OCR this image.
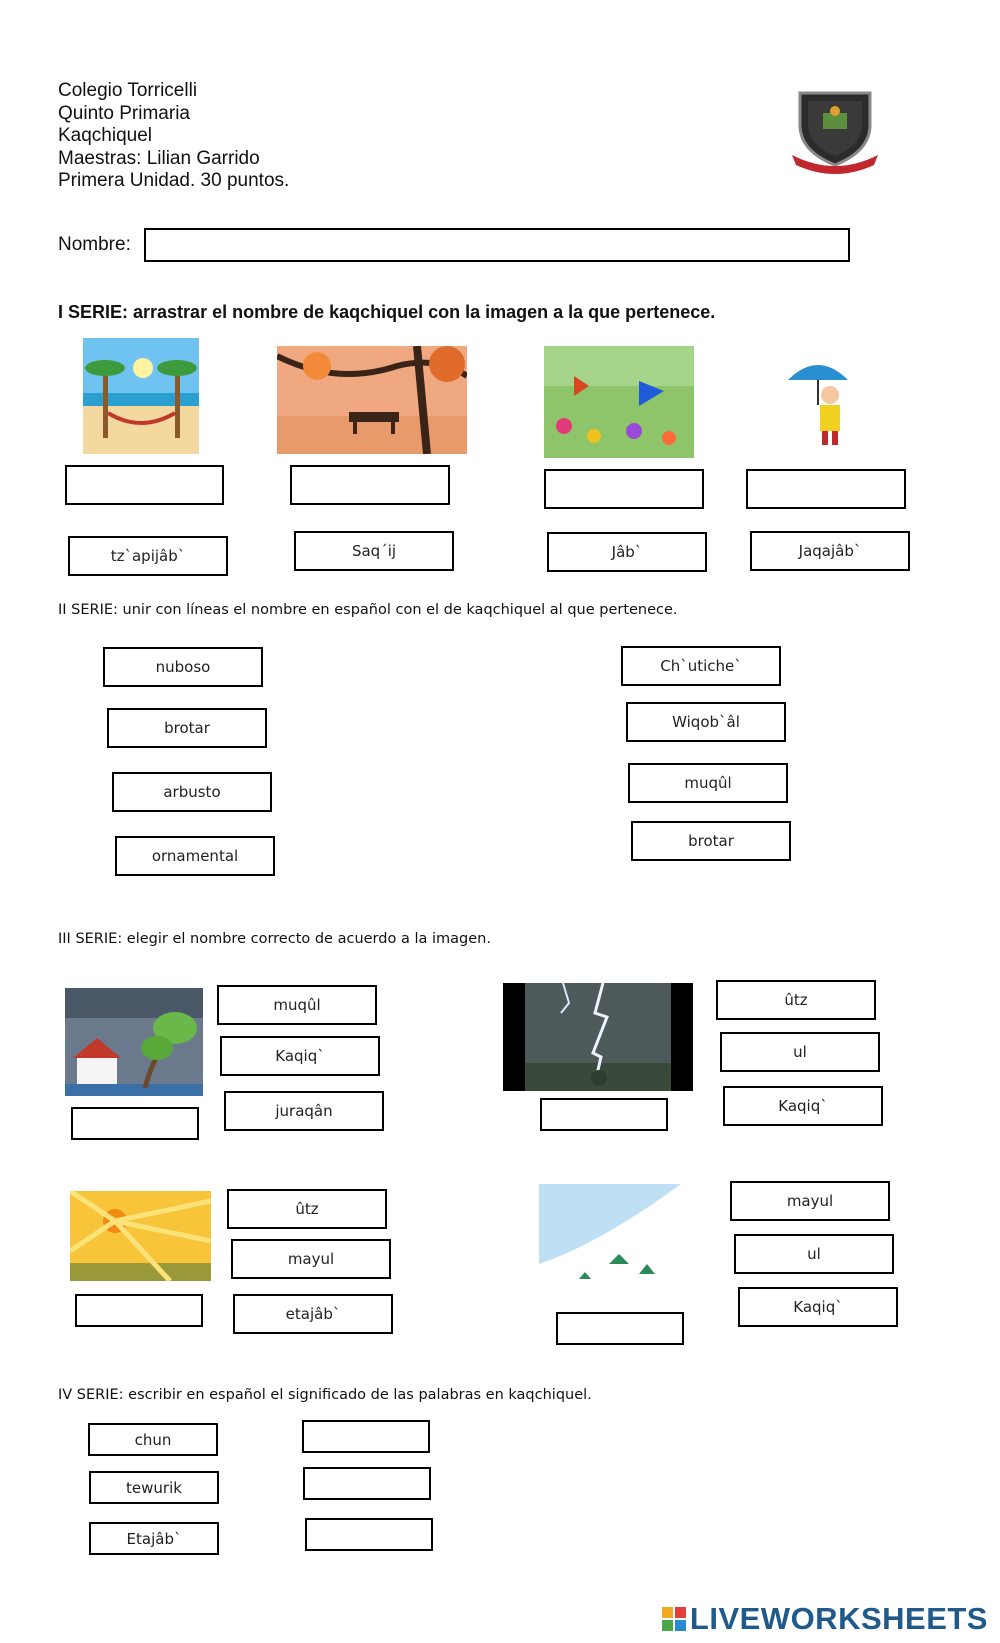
Colegio Torricelli
Quinto Primaria
Kaqchiquel
Maestras: Lilian Garrido
Primera Unidad. 30 puntos.
Nombre:
I SERIE: arrastrar el nombre de kaqchiquel con la imagen a la que pertenece.
tz`apijâb`	Saq´ij	Jâb`	Jaqajâb`
II SERIE: unir con líneas el nombre en español con el de kaqchiquel al que pertenece.
nuboso
brotar
arbusto
ornamental
Ch`utiche`
Wiqob`âl
muqûl
brotar
III SERIE: elegir el nombre correcto de acuerdo a la imagen.
muqûl
Kaqiq`
juraqân
ûtz
ul
Kaqiq`
ûtz
mayul
etajâb`
mayul
ul
Kaqiq`
IV SERIE: escribir en español el significado de las palabras en kaqchiquel.
chun
tewurik
Etajâb`
LIVEWORKSHEETS
